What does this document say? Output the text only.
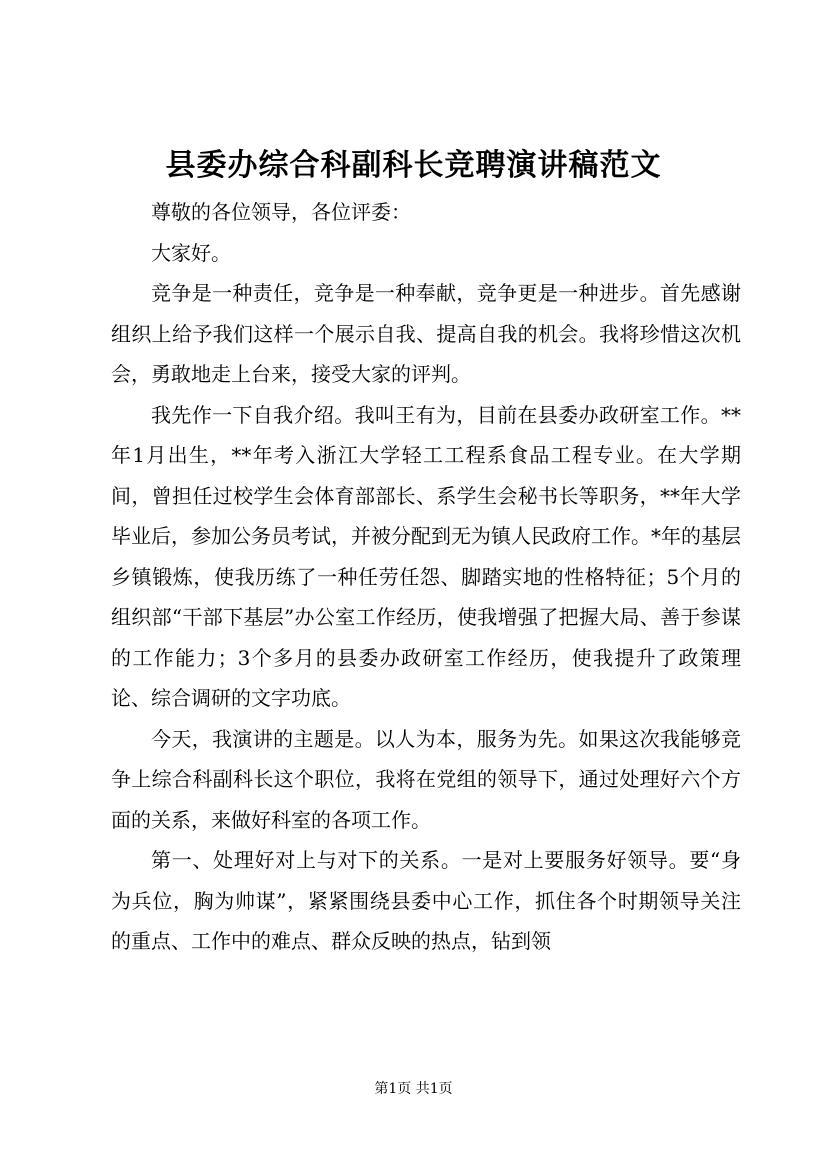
县委办综合科副科长竞聘演讲稿范文

尊敬的各位领导，各位评委：

大家好。

竞争是一种责任，竞争是一种奉献，竞争更是一种进步。首先感谢组织上给予我们这样一个展示自我、提高自我的机会。我将珍惜这次机会，勇敢地走上台来，接受大家的评判。

我先作一下自我介绍。我叫王有为，目前在县委办政研室工作。**年1月出生，**年考入浙江大学轻工工程系食品工程专业。在大学期间，曾担任过校学生会体育部部长、系学生会秘书长等职务，**年大学毕业后，参加公务员考试，并被分配到无为镇人民政府工作。*年的基层乡镇锻炼，使我历练了一种任劳任怨、脚踏实地的性格特征；5个月的组织部“干部下基层”办公室工作经历，使我增强了把握大局、善于参谋的工作能力；3个多月的县委办政研室工作经历，使我提升了政策理论、综合调研的文字功底。

今天，我演讲的主题是。以人为本，服务为先。如果这次我能够竞争上综合科副科长这个职位，我将在党组的领导下，通过处理好六个方面的关系，来做好科室的各项工作。

第一、处理好对上与对下的关系。一是对上要服务好领导。要“身为兵位，胸为帅谋”，紧紧围绕县委中心工作，抓住各个时期领导关注的重点、工作中的难点、群众反映的热点，钻到领

第1页 共1页
